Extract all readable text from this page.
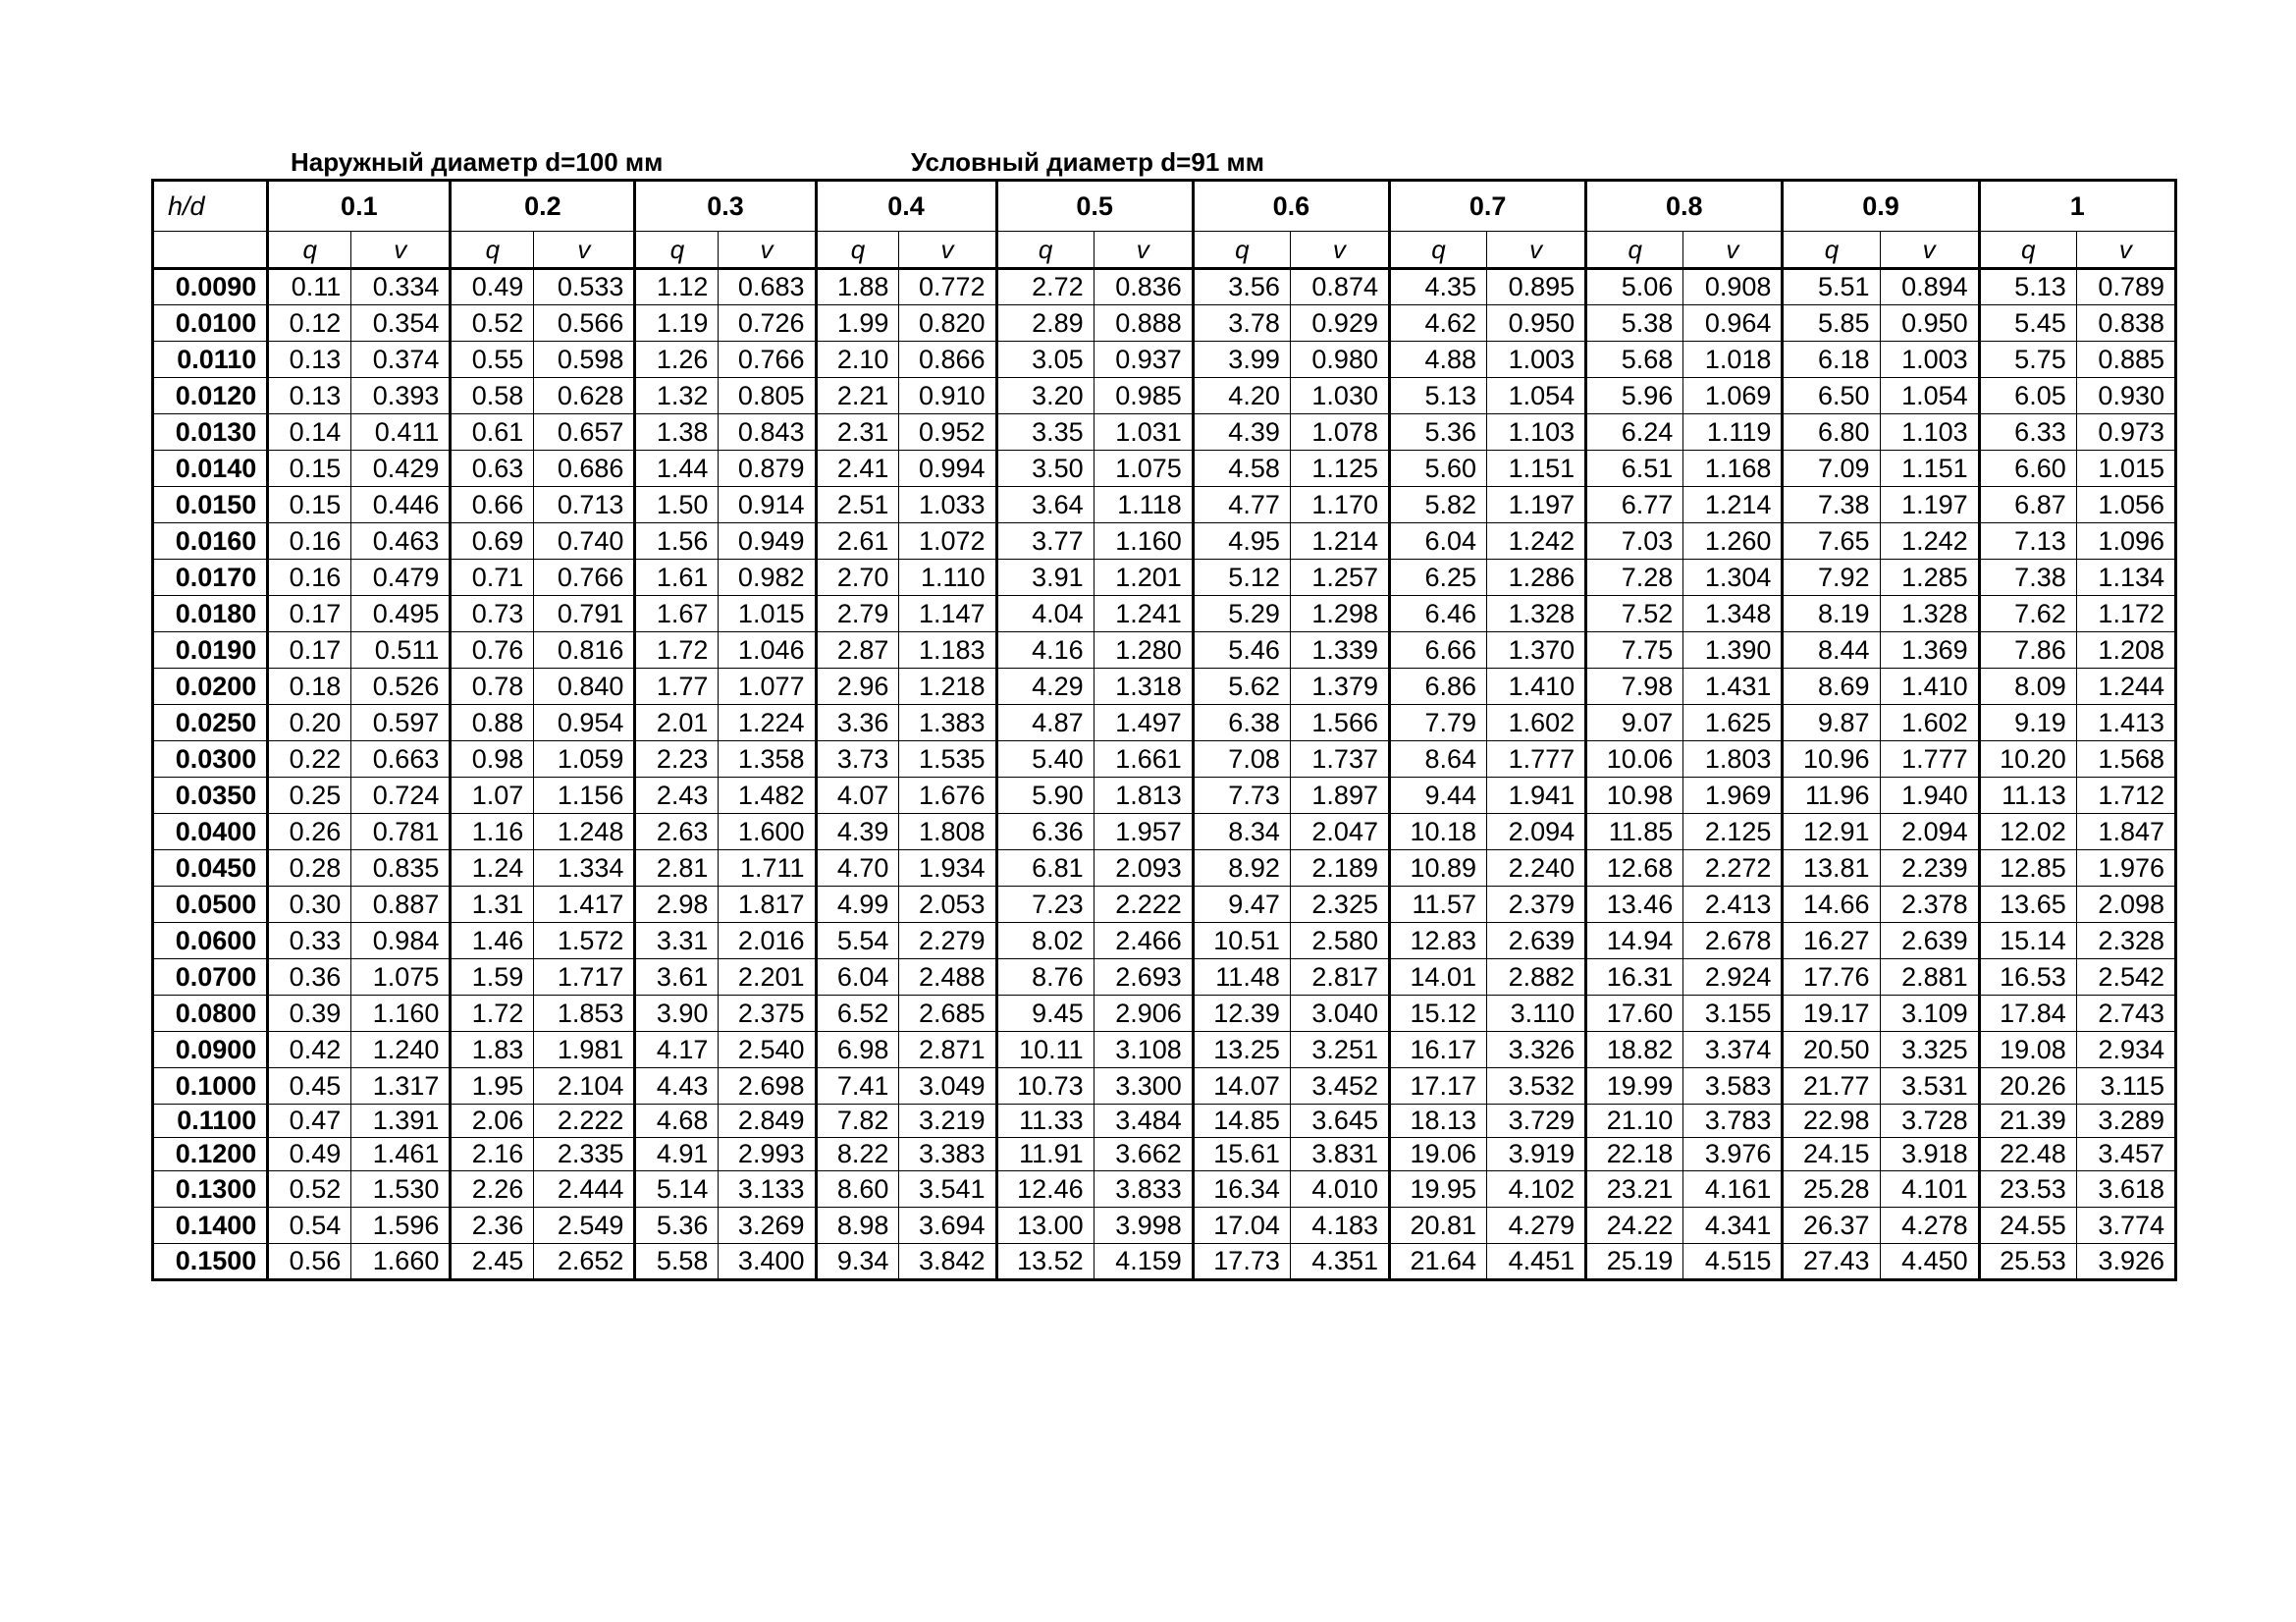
Наружный диаметр d=100 мм	Условный диаметр d=91 мм
h/d	0.1		0.2		0.3		0.4		0.5		0.6		0.7		0.8		0.9		1	
	q	v	q	v	q	v	q	v	q	v	q	v	q	v	q	v	q	v	q	v
0.0090	0.11	0.334	0.49	0.533	1.12	0.683	1.88	0.772	2.72	0.836	3.56	0.874	4.35	0.895	5.06	0.908	5.51	0.894	5.13	0.789
0.0100	0.12	0.354	0.52	0.566	1.19	0.726	1.99	0.820	2.89	0.888	3.78	0.929	4.62	0.950	5.38	0.964	5.85	0.950	5.45	0.838
0.0110	0.13	0.374	0.55	0.598	1.26	0.766	2.10	0.866	3.05	0.937	3.99	0.980	4.88	1.003	5.68	1.018	6.18	1.003	5.75	0.885
0.0120	0.13	0.393	0.58	0.628	1.32	0.805	2.21	0.910	3.20	0.985	4.20	1.030	5.13	1.054	5.96	1.069	6.50	1.054	6.05	0.930
0.0130	0.14	0.411	0.61	0.657	1.38	0.843	2.31	0.952	3.35	1.031	4.39	1.078	5.36	1.103	6.24	1.119	6.80	1.103	6.33	0.973
0.0140	0.15	0.429	0.63	0.686	1.44	0.879	2.41	0.994	3.50	1.075	4.58	1.125	5.60	1.151	6.51	1.168	7.09	1.151	6.60	1.015
0.0150	0.15	0.446	0.66	0.713	1.50	0.914	2.51	1.033	3.64	1.118	4.77	1.170	5.82	1.197	6.77	1.214	7.38	1.197	6.87	1.056
0.0160	0.16	0.463	0.69	0.740	1.56	0.949	2.61	1.072	3.77	1.160	4.95	1.214	6.04	1.242	7.03	1.260	7.65	1.242	7.13	1.096
0.0170	0.16	0.479	0.71	0.766	1.61	0.982	2.70	1.110	3.91	1.201	5.12	1.257	6.25	1.286	7.28	1.304	7.92	1.285	7.38	1.134
0.0180	0.17	0.495	0.73	0.791	1.67	1.015	2.79	1.147	4.04	1.241	5.29	1.298	6.46	1.328	7.52	1.348	8.19	1.328	7.62	1.172
0.0190	0.17	0.511	0.76	0.816	1.72	1.046	2.87	1.183	4.16	1.280	5.46	1.339	6.66	1.370	7.75	1.390	8.44	1.369	7.86	1.208
0.0200	0.18	0.526	0.78	0.840	1.77	1.077	2.96	1.218	4.29	1.318	5.62	1.379	6.86	1.410	7.98	1.431	8.69	1.410	8.09	1.244
0.0250	0.20	0.597	0.88	0.954	2.01	1.224	3.36	1.383	4.87	1.497	6.38	1.566	7.79	1.602	9.07	1.625	9.87	1.602	9.19	1.413
0.0300	0.22	0.663	0.98	1.059	2.23	1.358	3.73	1.535	5.40	1.661	7.08	1.737	8.64	1.777	10.06	1.803	10.96	1.777	10.20	1.568
0.0350	0.25	0.724	1.07	1.156	2.43	1.482	4.07	1.676	5.90	1.813	7.73	1.897	9.44	1.941	10.98	1.969	11.96	1.940	11.13	1.712
0.0400	0.26	0.781	1.16	1.248	2.63	1.600	4.39	1.808	6.36	1.957	8.34	2.047	10.18	2.094	11.85	2.125	12.91	2.094	12.02	1.847
0.0450	0.28	0.835	1.24	1.334	2.81	1.711	4.70	1.934	6.81	2.093	8.92	2.189	10.89	2.240	12.68	2.272	13.81	2.239	12.85	1.976
0.0500	0.30	0.887	1.31	1.417	2.98	1.817	4.99	2.053	7.23	2.222	9.47	2.325	11.57	2.379	13.46	2.413	14.66	2.378	13.65	2.098
0.0600	0.33	0.984	1.46	1.572	3.31	2.016	5.54	2.279	8.02	2.466	10.51	2.580	12.83	2.639	14.94	2.678	16.27	2.639	15.14	2.328
0.0700	0.36	1.075	1.59	1.717	3.61	2.201	6.04	2.488	8.76	2.693	11.48	2.817	14.01	2.882	16.31	2.924	17.76	2.881	16.53	2.542
0.0800	0.39	1.160	1.72	1.853	3.90	2.375	6.52	2.685	9.45	2.906	12.39	3.040	15.12	3.110	17.60	3.155	19.17	3.109	17.84	2.743
0.0900	0.42	1.240	1.83	1.981	4.17	2.540	6.98	2.871	10.11	3.108	13.25	3.251	16.17	3.326	18.82	3.374	20.50	3.325	19.08	2.934
0.1000	0.45	1.317	1.95	2.104	4.43	2.698	7.41	3.049	10.73	3.300	14.07	3.452	17.17	3.532	19.99	3.583	21.77	3.531	20.26	3.115
0.1100	0.47	1.391	2.06	2.222	4.68	2.849	7.82	3.219	11.33	3.484	14.85	3.645	18.13	3.729	21.10	3.783	22.98	3.728	21.39	3.289
0.1200	0.49	1.461	2.16	2.335	4.91	2.993	8.22	3.383	11.91	3.662	15.61	3.831	19.06	3.919	22.18	3.976	24.15	3.918	22.48	3.457
0.1300	0.52	1.530	2.26	2.444	5.14	3.133	8.60	3.541	12.46	3.833	16.34	4.010	19.95	4.102	23.21	4.161	25.28	4.101	23.53	3.618
0.1400	0.54	1.596	2.36	2.549	5.36	3.269	8.98	3.694	13.00	3.998	17.04	4.183	20.81	4.279	24.22	4.341	26.37	4.278	24.55	3.774
0.1500	0.56	1.660	2.45	2.652	5.58	3.400	9.34	3.842	13.52	4.159	17.73	4.351	21.64	4.451	25.19	4.515	27.43	4.450	25.53	3.926
